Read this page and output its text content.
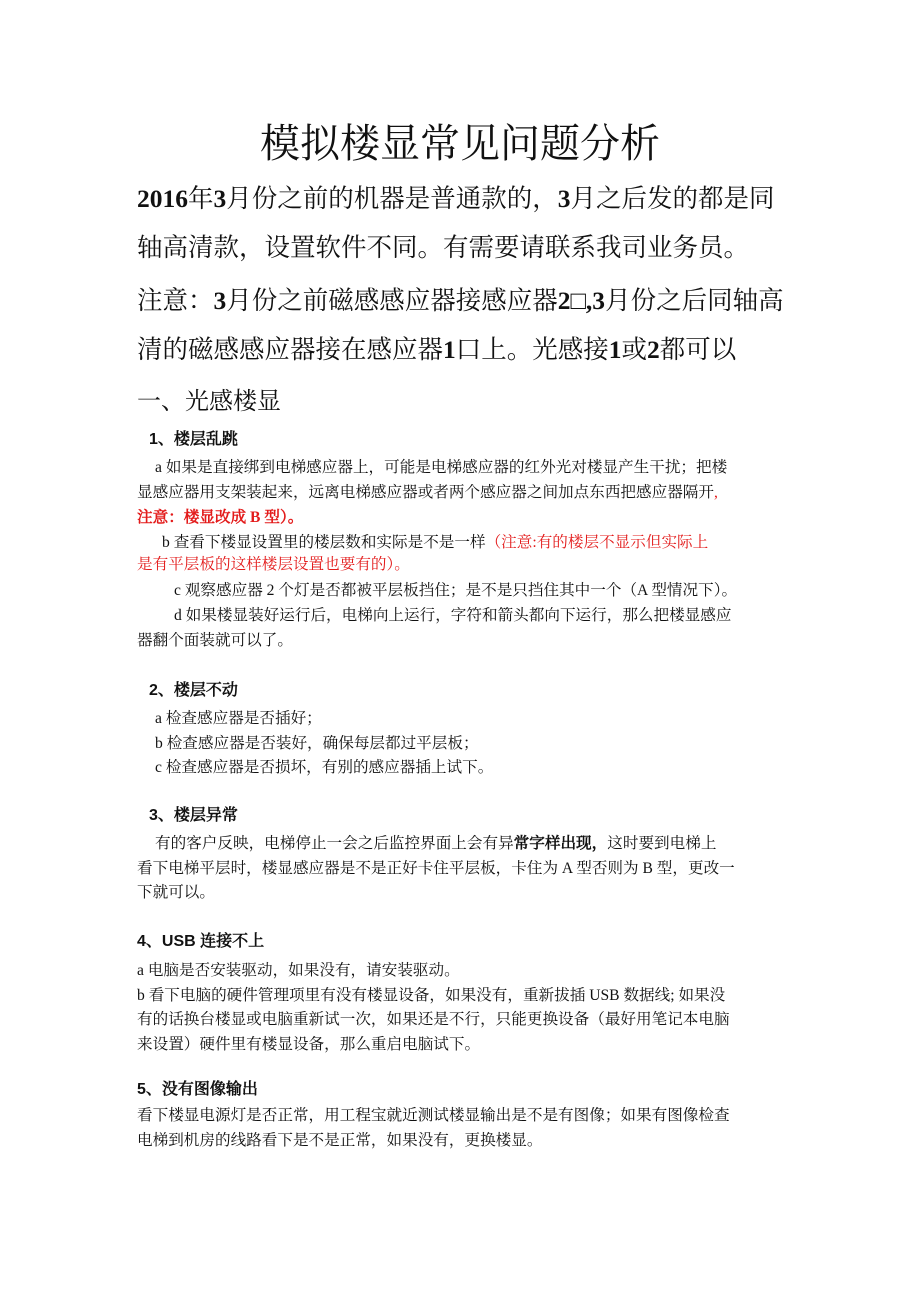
模拟楼显常见问题分析
一、光感楼显
2016年3月份之前的机器是普通款的，3月之后发的都是同
轴高清款，设置软件不同。有需要请联系我司业务员。
注意：3月份之前磁感感应器接感应器2□,3月份之后同轴高
清的磁感感应器接在感应器1口上。光感接1或2都可以
1、楼层乱跳
a 如果是直接绑到电梯感应器上，可能是电梯感应器的红外光对楼显产生干扰；把楼
显感应器用支架装起来，远离电梯感应器或者两个感应器之间加点东西把感应器隔开,
注意：楼显改成 B 型）。
b 查看下楼显设置里的楼层数和实际是不是一样（注意:有的楼层不显示但实际上
是有平层板的这样楼层设置也要有的）。
c 观察感应器 2 个灯是否都被平层板挡住；是不是只挡住其中一个（A 型情况下）。
d 如果楼显装好运行后，电梯向上运行，字符和箭头都向下运行，那么把楼显感应
器翻个面装就可以了。
2、楼层不动
a 检查感应器是否插好；
b 检查感应器是否装好，确保每层都过平层板；
c 检查感应器是否损坏，有别的感应器插上试下。
3、楼层异常
有的客户反映，电梯停止一会之后监控界面上会有异常字样出现，这时要到电梯上
看下电梯平层时，楼显感应器是不是正好卡住平层板，卡住为 A 型否则为 B 型，更改一
下就可以。
4、USB 连接不上
a 电脑是否安装驱动，如果没有，请安装驱动。
b 看下电脑的硬件管理项里有没有楼显设备，如果没有，重新拔插 USB 数据线; 如果没
有的话换台楼显或电脑重新试一次，如果还是不行，只能更换设备（最好用笔记本电脑
来设置）硬件里有楼显设备，那么重启电脑试下。
5、没有图像输出
看下楼显电源灯是否正常，用工程宝就近测试楼显输出是不是有图像；如果有图像检查
电梯到机房的线路看下是不是正常，如果没有，更换楼显。
